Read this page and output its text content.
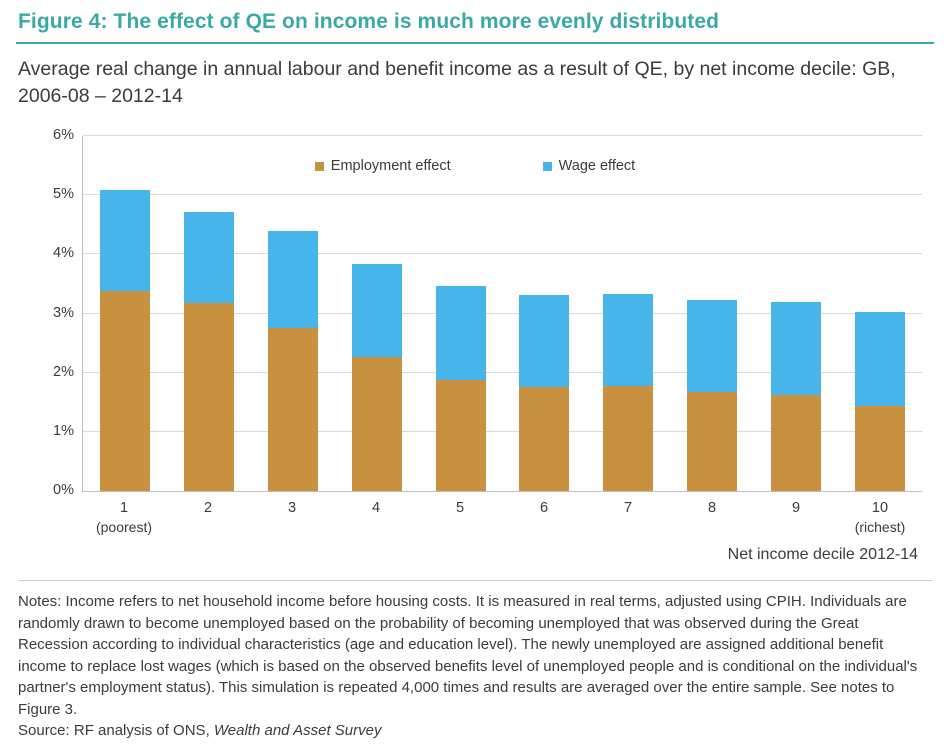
Figure 4: The effect of QE on income is much more evenly distributed
Average real change in annual labour and benefit income as a result of QE, by net income decile: GB, 2006-08 – 2012-14
0%
1%
2%
3%
4%
5%
6%
Employment effect	Wage effect
1
(poorest)
2	3	4	5	6	7	8	9	10
(richest)
Net income decile 2012-14
Notes: Income refers to net household income before housing costs. It is measured in real terms, adjusted using CPIH. Individuals are randomly drawn to become unemployed based on the probability of becoming unemployed that was observed during the Great Recession according to individual characteristics (age and education level). The newly unemployed are assigned additional benefit income to replace lost wages (which is based on the observed benefits level of unemployed people and is conditional on the individual's partner's employment status). This simulation is repeated 4,000 times and results are averaged over the entire sample. See notes to Figure 3.
Source: RF analysis of ONS, Wealth and Asset Survey
